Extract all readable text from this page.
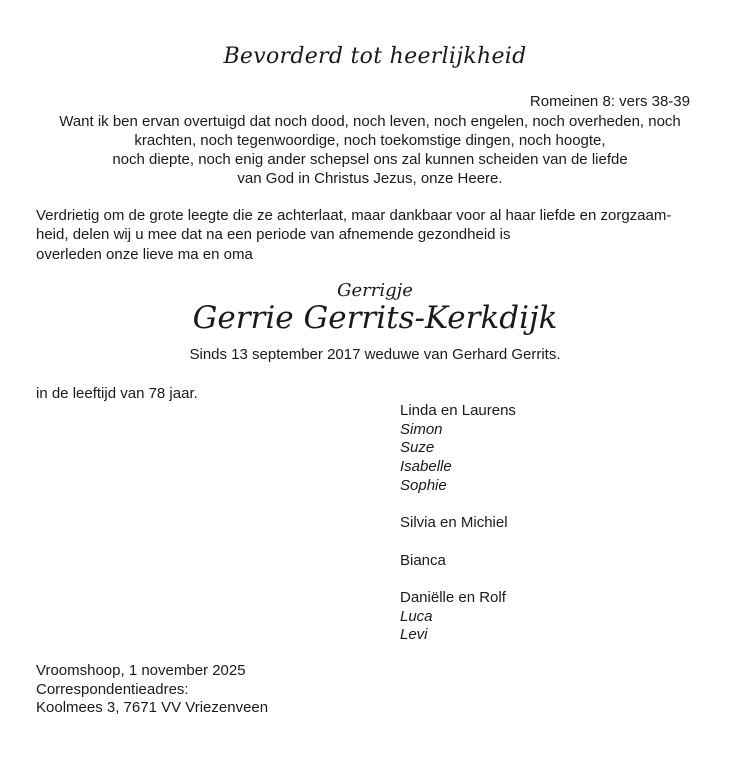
Bevorderd tot heerlijkheid
Romeinen 8: vers 38-39
Want ik ben ervan overtuigd dat noch dood, noch leven, noch engelen, noch overheden, noch
krachten, noch tegenwoordige, noch toekomstige dingen, noch hoogte,
noch diepte, noch enig ander schepsel ons zal kunnen scheiden van de liefde
van God in Christus Jezus, onze Heere.
Verdrietig om de grote leegte die ze achterlaat, maar dankbaar voor al haar liefde en zorgzaam-
heid, delen wij u mee dat na een periode van afnemende gezondheid is
overleden onze lieve ma en oma
Gerrigje
Gerrie Gerrits-Kerkdijk
Sinds 13 september 2017 weduwe van Gerhard Gerrits.
in de leeftijd van 78 jaar.
Linda en Laurens
Simon
Suze
Isabelle
Sophie
Silvia en Michiel
Bianca
Daniëlle en Rolf
Luca
Levi
Vroomshoop, 1 november 2025
Correspondentieadres:
Koolmees 3, 7671 VV Vriezenveen
